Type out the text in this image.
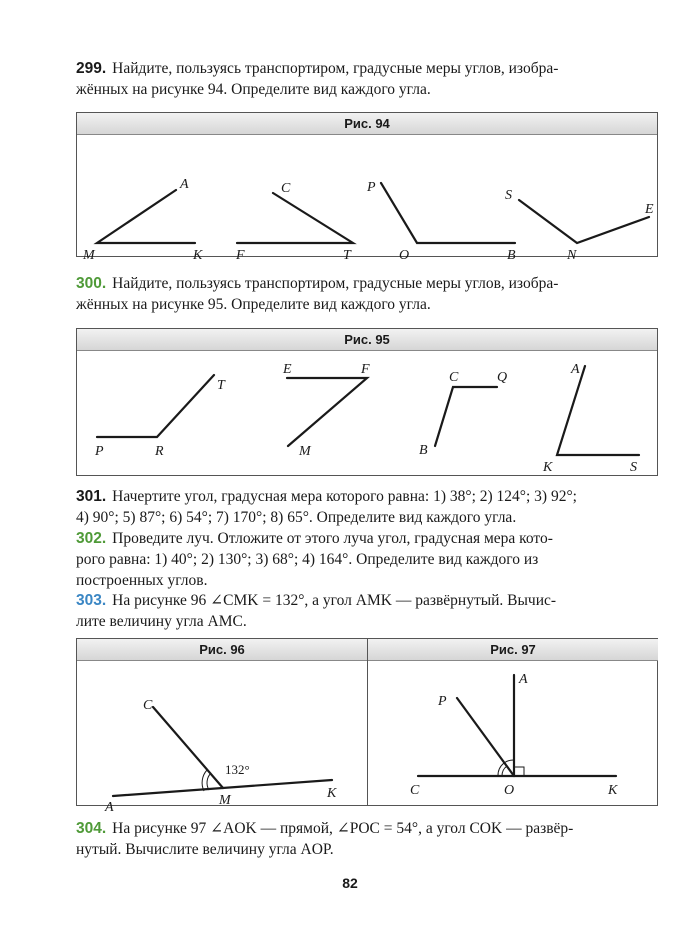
299. Найдите, пользуясь транспортиром, градусные меры углов, изобра-
жённых на рисунке 94. Определите вид каждого угла.
Рис. 94
A
M	K
C
F	T
P
O	B
S
N
E
300. Найдите, пользуясь транспортиром, градусные меры углов, изобра-
жённых на рисунке 95. Определите вид каждого угла.
Рис. 95
T
P	R
E	F
M
C	Q
B
A
K	S
301. Начертите угол, градусная мера которого равна: 1) 38°; 2) 124°; 3) 92°;
4) 90°; 5) 87°; 6) 54°; 7) 170°; 8) 65°. Определите вид каждого угла.
302. Проведите луч. Отложите от этого луча угол, градусная мера кото-
рого равна: 1) 40°; 2) 130°; 3) 68°; 4) 164°. Определите вид каждого из
построенных углов.
303. На рисунке 96 ∠CMK = 132°, а угол AMK — развёрнутый. Вычис-
лите величину угла AMC.
Рис. 96
132°
C
A	M	K
Рис. 97
A
P
C	O	K
304. На рисунке 97 ∠AOK — прямой, ∠POC = 54°, а угол COK — развёр-
нутый. Вычислите величину угла AOP.
82
